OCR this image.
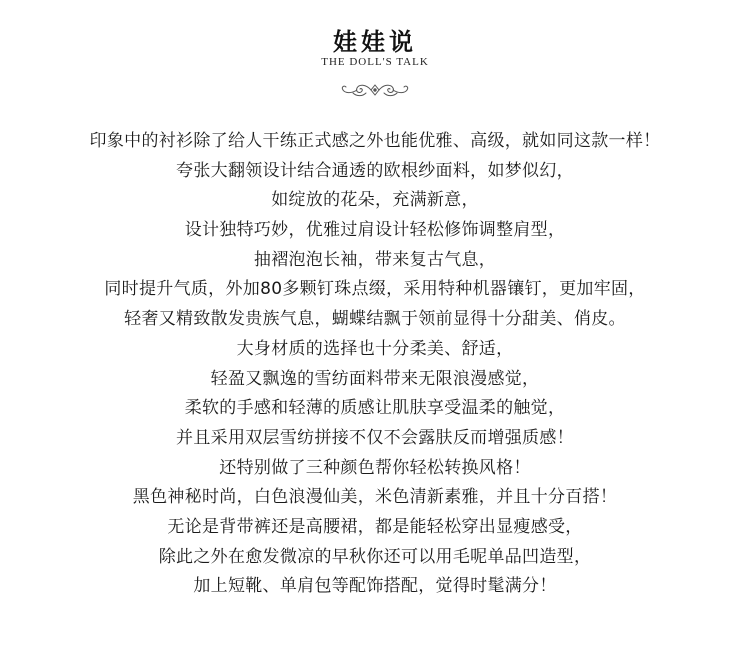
娃娃说
THE DOLL'S TALK
印象中的衬衫除了给人干练正式感之外也能优雅、高级，就如同这款一样！
夸张大翻领设计结合通透的欧根纱面料，如梦似幻，
如绽放的花朵，充满新意，
设计独特巧妙，优雅过肩设计轻松修饰调整肩型，
抽褶泡泡长袖，带来复古气息，
同时提升气质，外加80多颗钉珠点缀，采用特种机器镶钉，更加牢固，
轻奢又精致散发贵族气息，蝴蝶结飘于领前显得十分甜美、俏皮。
大身材质的选择也十分柔美、舒适，
轻盈又飘逸的雪纺面料带来无限浪漫感觉，
柔软的手感和轻薄的质感让肌肤享受温柔的触觉，
并且采用双层雪纺拼接不仅不会露肤反而增强质感！
还特别做了三种颜色帮你轻松转换风格！
黑色神秘时尚，白色浪漫仙美，米色清新素雅，并且十分百搭！
无论是背带裤还是高腰裙，都是能轻松穿出显瘦感受，
除此之外在愈发微凉的早秋你还可以用毛呢单品凹造型，
加上短靴、单肩包等配饰搭配，觉得时髦满分！
